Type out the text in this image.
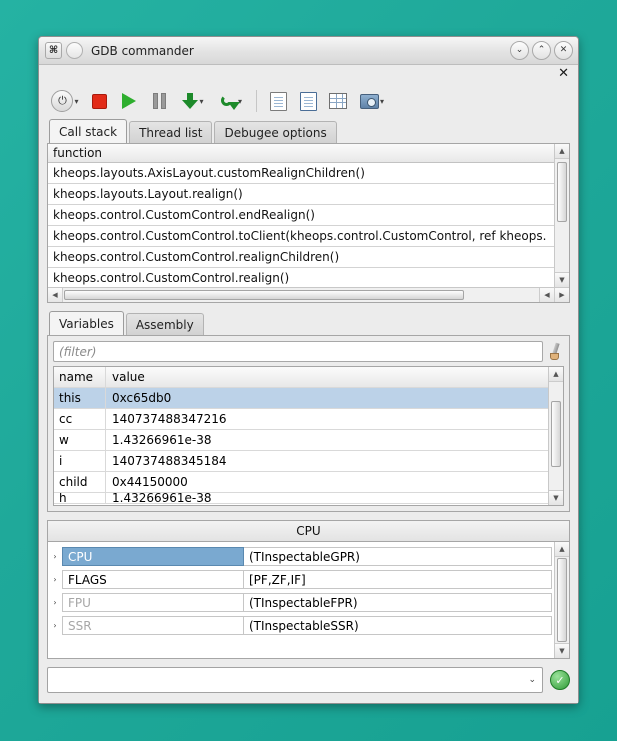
⌘	GDB commander	⌄	⌃	✕
✕
⏻ ▾	▾	▾	▾
Call stack	Thread list	Debugee options
function
kheops.layouts.AxisLayout.customRealignChildren()
kheops.layouts.Layout.realign()
kheops.control.CustomControl.endRealign()
kheops.control.CustomControl.toClient(kheops.control.CustomControl, ref kheops.
kheops.control.CustomControl.realignChildren()
kheops.control.CustomControl.realign()
▲
▼
◀	◀	▶
Variables	Assembly
(filter)
name	value
this	0xc65db0
cc	140737488347216
w	1.43266961e-38
i	140737488345184
child	0x44150000
h	1.43266961e-38
▲
▼
CPU
› CPU	(TInspectableGPR)
› FLAGS	[PF,ZF,IF]
› FPU	(TInspectableFPR)
› SSR	(TInspectableSSR)
▲
▼
⌄	✓
